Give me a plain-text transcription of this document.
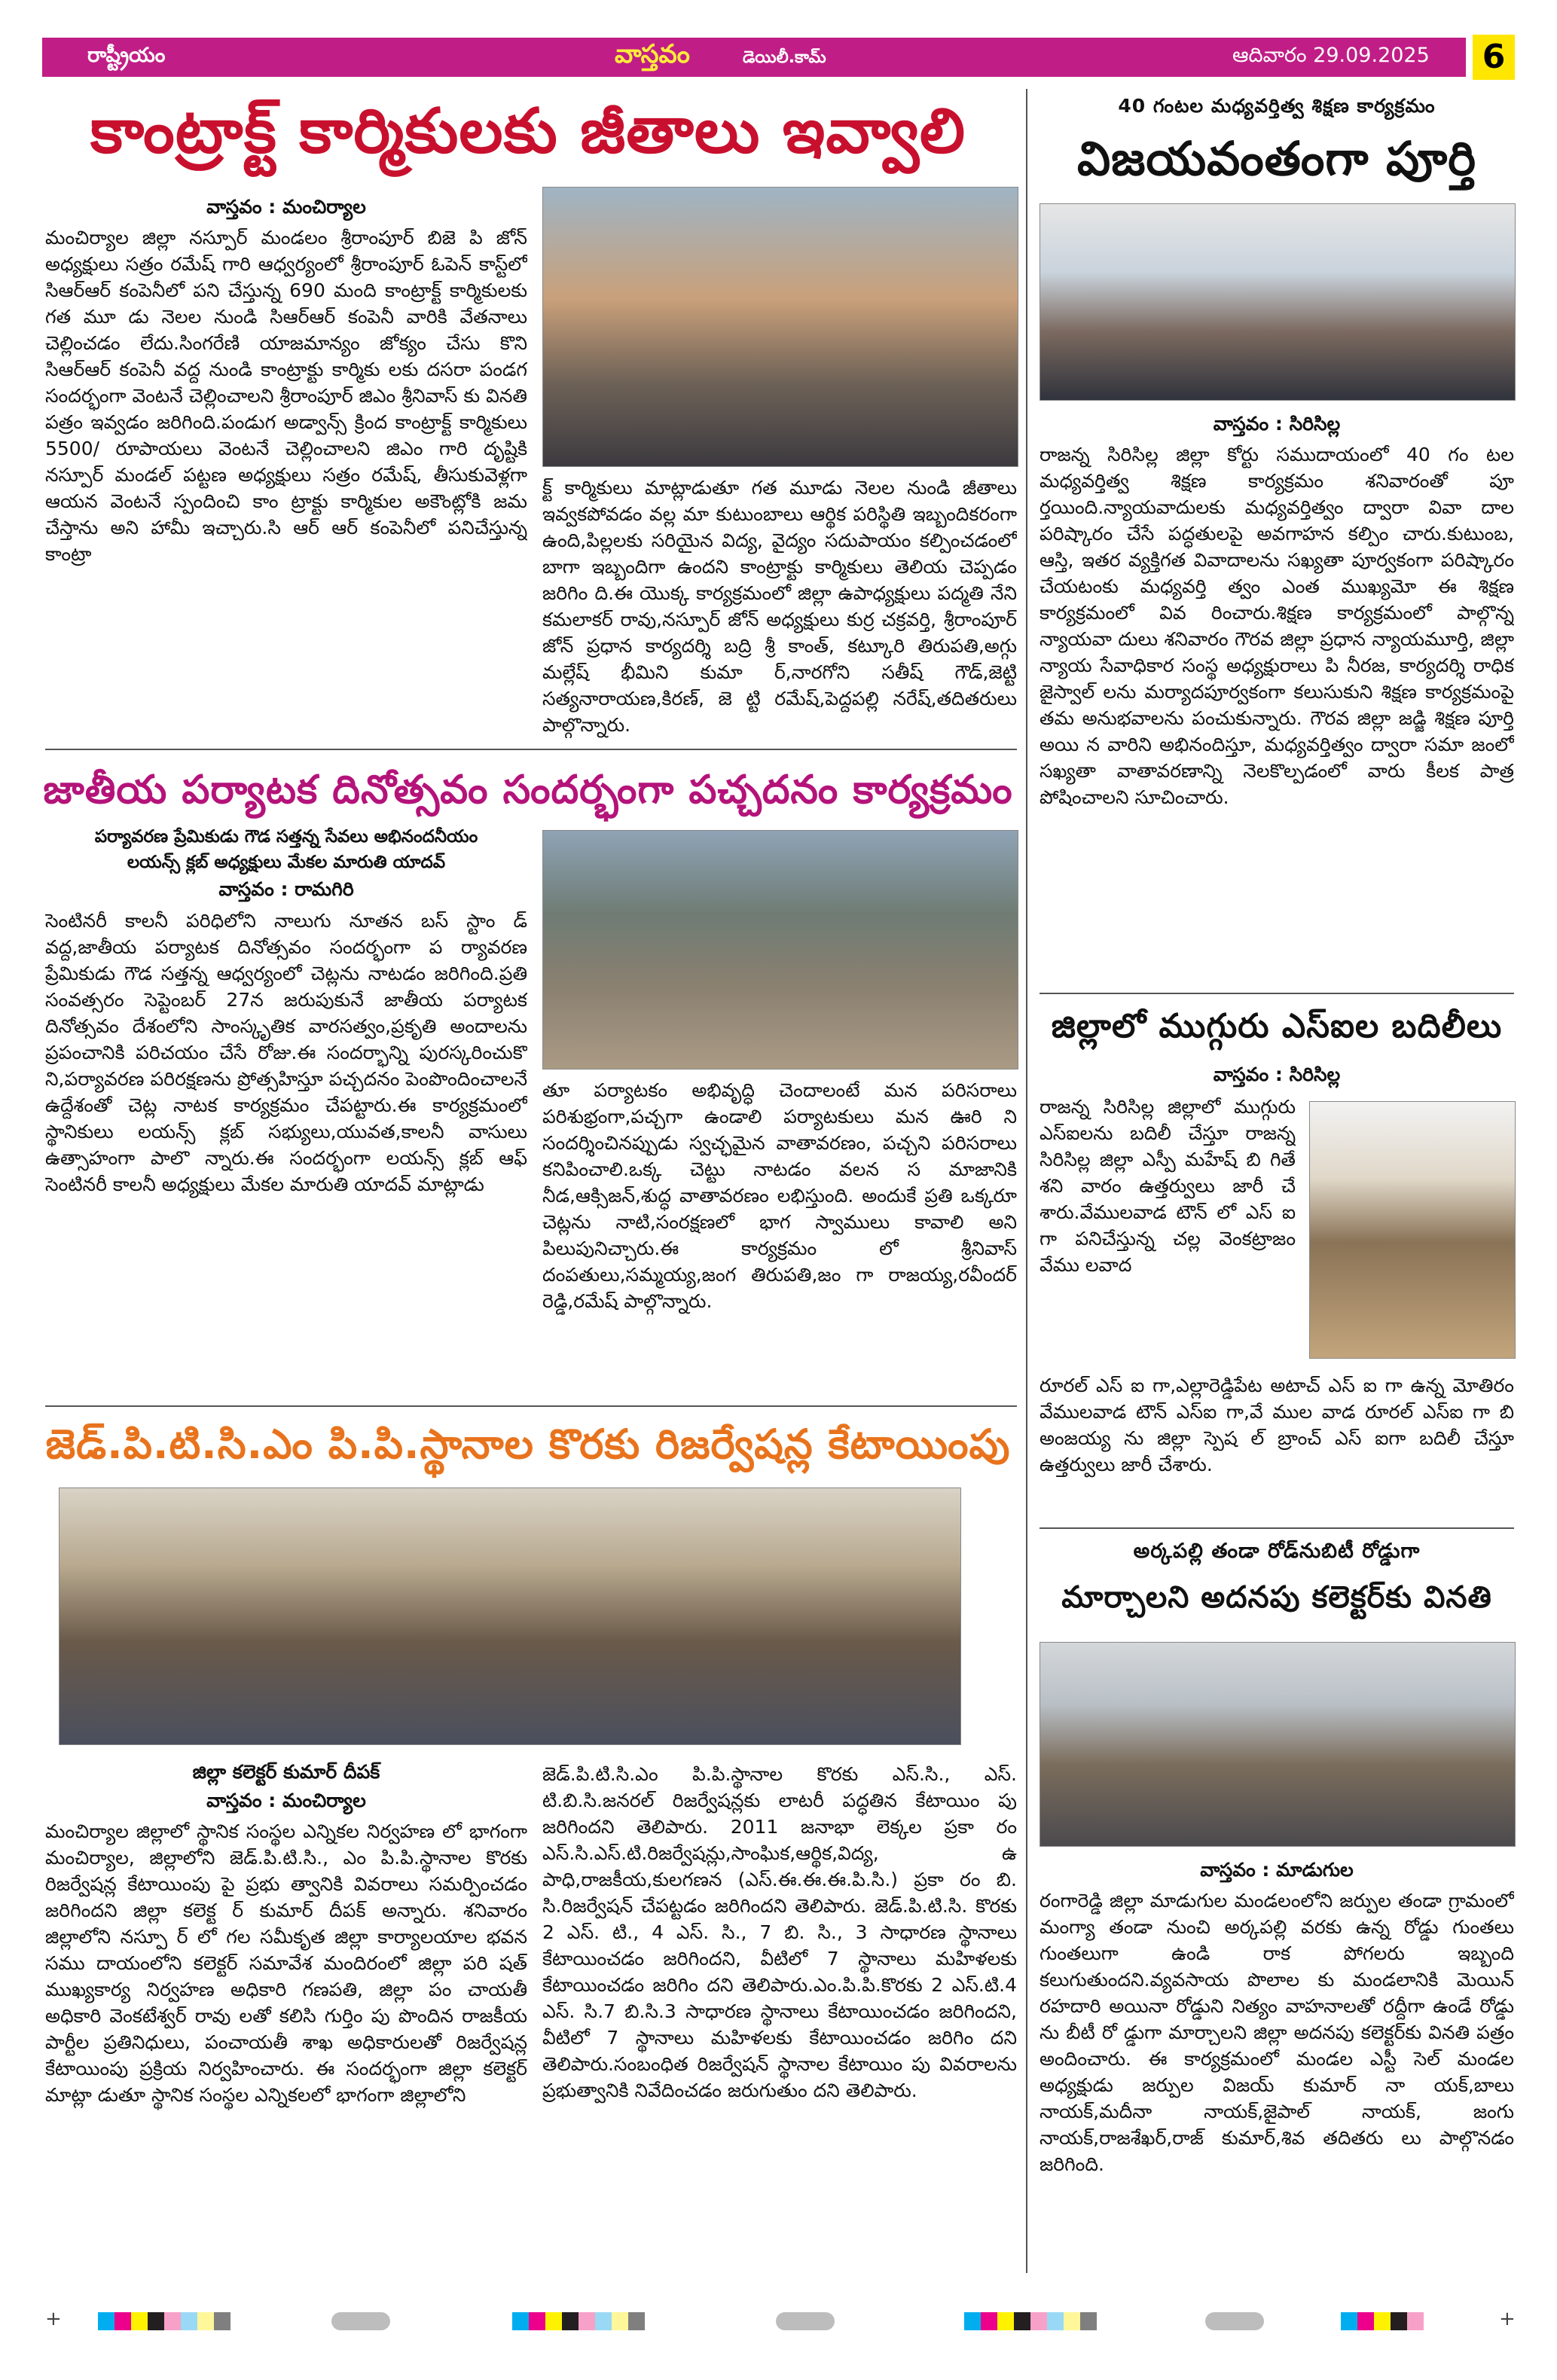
రాష్ట్రీయం	వాస్తవం	డెయిలీ.కామ్	ఆదివారం 29.09.2025 6
కాంట్రాక్ట్ కార్మికులకు జీతాలు ఇవ్వాలి
వాస్తవం : మంచిర్యాల
మంచిర్యాల జిల్లా నస్పూర్ మండలం శ్రీరాంపూర్ బిజె పి జోన్ అధ్యక్షులు సత్రం రమేష్ గారి ఆధ్వర్యంలో శ్రీరాంపూర్ ఓపెన్ కాస్ట్‌లో సిఆర్ఆర్ కంపెనీలో పని చేస్తున్న 690 మంది కాంట్రాక్ట్ కార్మికులకు గత మూ డు నెలల నుండి సిఆర్ఆర్ కంపెనీ వారికి వేతనాలు చెల్లించడం లేదు.సింగరేణి యాజమాన్యం జోక్యం చేసు కొని సిఆర్ఆర్ కంపెనీ వద్ద నుండి కాంట్రాక్టు కార్మికు లకు దసరా పండగ సందర్భంగా వెంటనే చెల్లించాలని శ్రీరాంపూర్ జిఎం శ్రీనివాస్ కు వినతి పత్రం ఇవ్వడం జరిగింది.పండుగ అడ్వాన్స్ క్రింద కాంట్రాక్ట్ కార్మికులు 5500/ రూపాయలు వెంటనే చెల్లించాలని జిఎం గారి దృష్టికి నస్పూర్ మండల్ పట్టణ అధ్యక్షులు సత్రం రమేష్, తీసుకువెళ్లగా ఆయన వెంటనే స్పందించి కాం ట్రాక్టు కార్మికుల అకౌంట్లోకి జమ చేస్తాను అని హామీ ఇచ్చారు.సి ఆర్ ఆర్ కంపెనీలో పనిచేస్తున్న కాంట్రా
క్ట్ కార్మికులు మాట్లాడుతూ గత మూడు నెలల నుండి జీతాలు ఇవ్వకపోవడం వల్ల మా కుటుంబాలు ఆర్థిక పరిస్థితి ఇబ్బందికరంగా ఉంది,పిల్లలకు సరియైన విద్య, వైద్యం సదుపాయం కల్పించడంలో బాగా ఇబ్బందిగా ఉందని కాంట్రాక్టు కార్మికులు తెలియ చెప్పడం జరిగిం ది.ఈ యొక్క కార్యక్రమంలో జిల్లా ఉపాధ్యక్షులు పద్మతి నేని కమలాకర్ రావు,నస్పూర్ జోన్ అధ్యక్షులు కుర్ర చక్రవర్తి, శ్రీరాంపూర్ జోన్ ప్రధాన కార్యదర్శి బద్రి శ్రీ కాంత్, కట్కూరి తిరుపతి,అగ్గు మల్లేష్ భీమిని కుమా ర్,నారగోని సతీష్ గౌడ్,జెట్టి సత్యనారాయణ,కిరణ్, జె ట్టి రమేష్,పెద్దపల్లి నరేష్,తదితరులు పాల్గొన్నారు.
జాతీయ పర్యాటక దినోత్సవం సందర్భంగా పచ్చదనం కార్యక్రమం
పర్యావరణ ప్రేమికుడు గౌడ సత్తన్న సేవలు అభినందనీయం
లయన్స్ క్లబ్ అధ్యక్షులు మేకల మారుతి యాదవ్
వాస్తవం : రామగిరి
సెంటినరీ కాలనీ పరిధిలోని నాలుగు నూతన బస్ స్టాం డ్ వద్ద,జాతీయ పర్యాటక దినోత్సవం సందర్భంగా ప ర్యావరణ ప్రేమికుడు గౌడ సత్తన్న ఆధ్వర్యంలో చెట్లను నాటడం జరిగింది.ప్రతి సంవత్సరం సెప్టెంబర్ 27న జరుపుకునే జాతీయ పర్యాటక దినోత్సవం దేశంలోని సాంస్కృతిక వారసత్వం,ప్రకృతి అందాలను ప్రపంచానికి పరిచయం చేసే రోజు.ఈ సందర్భాన్ని పురస్కరించుకొ ని,పర్యావరణ పరిరక్షణను ప్రోత్సహిస్తూ పచ్చదనం పెంపొందించాలనే ఉద్దేశంతో చెట్ల నాటక కార్యక్రమం చేపట్టారు.ఈ కార్యక్రమంలో స్థానికులు లయన్స్ క్లబ్ సభ్యులు,యువత,కాలనీ వాసులు ఉత్సాహంగా పాలొ న్నారు.ఈ సందర్భంగా లయన్స్ క్లబ్ ఆఫ్ సెంటినరీ కాలనీ అధ్యక్షులు మేకల మారుతి యాదవ్ మాట్లాడు
తూ పర్యాటకం అభివృద్ధి చెందాలంటే మన పరిసరాలు పరిశుభ్రంగా,పచ్చగా ఉండాలి పర్యాటకులు మన ఊరి ని సందర్శించినప్పుడు స్వచ్ఛమైన వాతావరణం, పచ్చని పరిసరాలు కనిపించాలి.ఒక్క చెట్టు నాటడం వలన స మాజానికి నీడ,ఆక్సిజన్,శుద్ధ వాతావరణం లభిస్తుంది. అందుకే ప్రతి ఒక్కరూ చెట్లను నాటి,సంరక్షణలో భాగ స్వాములు కావాలి అని పిలుపునిచ్చారు.ఈ కార్యక్రమం లో శ్రీనివాస్ దంపతులు,సమ్మయ్య,జంగ తిరుపతి,జం గా రాజయ్య,రవీందర్ రెడ్డి,రమేష్ పాల్గొన్నారు.
జెడ్.పి.టి.సి.ఎం పి.పి.స్థానాల కొరకు రిజర్వేషన్ల కేటాయింపు
జిల్లా కలెక్టర్ కుమార్ దీపక్
వాస్తవం : మంచిర్యాల
మంచిర్యాల జిల్లాలో స్థానిక సంస్థల ఎన్నికల నిర్వహణ లో భాగంగా మంచిర్యాల, జిల్లాలోని జెడ్.పి.టి.సి., ఎం పి.పి.స్థానాల కొరకు రిజర్వేషన్ల కేటాయింపు పై ప్రభు త్వానికి వివరాలు సమర్పించడం జరిగిందని జిల్లా కలెక్ట ర్ కుమార్ దీపక్ అన్నారు. శనివారం జిల్లాలోని నస్పూ ర్ లో గల సమీకృత జిల్లా కార్యాలయాల భవన సము దాయంలోని కలెక్టర్ సమావేశ మందిరంలో జిల్లా పరి షత్ ముఖ్యకార్య నిర్వహణ అధికారి గణపతి, జిల్లా పం చాయతీ అధికారి వెంకటేశ్వర్ రావు లతో కలిసి గుర్తిం పు పొందిన రాజకీయ పార్టీల ప్రతినిధులు, పంచాయతీ శాఖ అధికారులతో రిజర్వేషన్ల కేటాయింపు ప్రక్రియ నిర్వహించారు. ఈ సందర్భంగా జిల్లా కలెక్టర్ మాట్లా డుతూ స్థానిక సంస్థల ఎన్నికలలో భాగంగా జిల్లాలోని
జెడ్.పి.టి.సి.ఎం పి.పి.స్థానాల కొరకు ఎస్.సి., ఎస్. టి.బి.సి.జనరల్ రిజర్వేషన్లకు లాటరీ పద్ధతిన కేటాయిం పు జరిగిందని తెలిపారు. 2011 జనాభా లెక్కల ప్రకా రం ఎస్.సి.ఎస్.టి.రిజర్వేషన్లు,సాంఘిక,ఆర్థిక,విద్య, ఉ పాధి,రాజకీయ,కులగణన (ఎస్.ఈ.ఈ.ఈ.పి.సి.) ప్రకా రం బి. సి.రిజర్వేషన్ చేపట్టడం జరిగిందని తెలిపారు. జెడ్.పి.టి.సి. కొరకు 2 ఎస్. టి., 4 ఎస్. సి., 7 బి. సి., 3 సాధారణ స్థానాలు కేటాయించడం జరిగిందని, వీటిలో 7 స్థానాలు మహిళలకు కేటాయించడం జరిగిం దని తెలిపారు.ఎం.పి.పి.కొరకు 2 ఎస్.టి.4 ఎస్. సి.7 బి.సి.3 సాధారణ స్థానాలు కేటాయించడం జరిగిందని, వీటిలో 7 స్థానాలు మహిళలకు కేటాయించడం జరిగిం దని తెలిపారు.సంబంధిత రిజర్వేషన్ స్థానాల కేటాయిం పు వివరాలను ప్రభుత్వానికి నివేదించడం జరుగుతుం దని తెలిపారు.
40 గంటల మధ్యవర్తిత్వ శిక్షణ కార్యక్రమం
విజయవంతంగా పూర్తి
వాస్తవం : సిరిసిల్ల
రాజన్న సిరిసిల్ల జిల్లా కోర్టు సముదాయంలో 40 గం టల మధ్యవర్తిత్వ శిక్షణ కార్యక్రమం శనివారంతో పూ ర్తయింది.న్యాయవాదులకు మధ్యవర్తిత్వం ద్వారా వివా దాల పరిష్కారం చేసే పద్ధతులపై అవగాహన కల్పిం చారు.కుటుంబ, ఆస్తి, ఇతర వ్యక్తిగత వివాదాలను సఖ్యతా పూర్వకంగా పరిష్కారం చేయటంకు మధ్యవర్తి త్వం ఎంత ముఖ్యమో ఈ శిక్షణ కార్యక్రమంలో వివ రించారు.శిక్షణ కార్యక్రమంలో పాల్గొన్న న్యాయవా దులు శనివారం గౌరవ జిల్లా ప్రధాన న్యాయమూర్తి, జిల్లా న్యాయ సేవాధికార సంస్థ అధ్యక్షురాలు పి నీరజ, కార్యదర్శి రాధిక జైస్వాల్ లను మర్యాదపూర్వకంగా కలుసుకుని శిక్షణ కార్యక్రమంపై తమ అనుభవాలను పంచుకున్నారు. గౌరవ జిల్లా జడ్జి శిక్షణ పూర్తి అయి న వారిని అభినందిస్తూ, మధ్యవర్తిత్వం ద్వారా సమా జంలో సఖ్యతా వాతావరణాన్ని నెలకొల్పడంలో వారు కీలక పాత్ర పోషించాలని సూచించారు.
జిల్లాలో ముగ్గురు ఎస్ఐల బదిలీలు
వాస్తవం : సిరిసిల్ల
రాజన్న సిరిసిల్ల జిల్లాలో ముగ్గురు ఎస్ఐలను బదిలీ చేస్తూ రాజన్న సిరిసిల్ల జిల్లా ఎస్పీ మహేష్ బి గితే శని వారం ఉత్తర్వులు జారీ చే శారు.వేములవాడ టౌన్ లో ఎస్ ఐ గా పనిచేస్తున్న చల్ల వెంకట్రాజం వేము లవాద
రూరల్ ఎస్ ఐ గా,ఎల్లారెడ్డిపేట అటాచ్ ఎస్ ఐ గా ఉన్న మోతిరం వేములవాడ టౌన్ ఎస్ఐ గా,వే ముల వాడ రూరల్ ఎస్ఐ గా బి అంజయ్య ను జిల్లా స్పెష ల్ బ్రాంచ్ ఎస్ ఐగా బదిలీ చేస్తూ ఉత్తర్వులు జారీ చేశారు.
అర్కపల్లి తండా రోడ్‌నుబిటీ రోడ్డుగా
మార్చాలని అదనపు కలెక్టర్‌కు వినతి
వాస్తవం : మాడుగుల
రంగారెడ్డి జిల్లా మాడుగుల మండలంలోని జర్పుల తండా గ్రామంలో మంగ్యా తండా నుంచి అర్కపల్లి వరకు ఉన్న రోడ్డు గుంతలు గుంతలుగా ఉండి రాక పోగలరు ఇబ్బంది కలుగుతుందని.వ్యవసాయ పొలాల కు మండలానికి మెయిన్ రహదారి అయినా రోడ్డుని నిత్యం వాహనాలతో రద్దీగా ఉండే రోడ్డు ను బీటీ రో డ్డుగా మార్చాలని జిల్లా అదనపు కలెక్టర్‌కు వినతి పత్రం అందించారు. ఈ కార్యక్రమంలో మండల ఎస్టీ సెల్ మండల అధ్యక్షుడు జర్పుల విజయ్ కుమార్ నా యక్,బాలు నాయక్,మదీనా నాయక్,జైపాల్ నాయక్, జంగు నాయక్,రాజశేఖర్,రాజ్ కుమార్,శివ తదితరు లు పాల్గొనడం జరిగింది.
+	+
